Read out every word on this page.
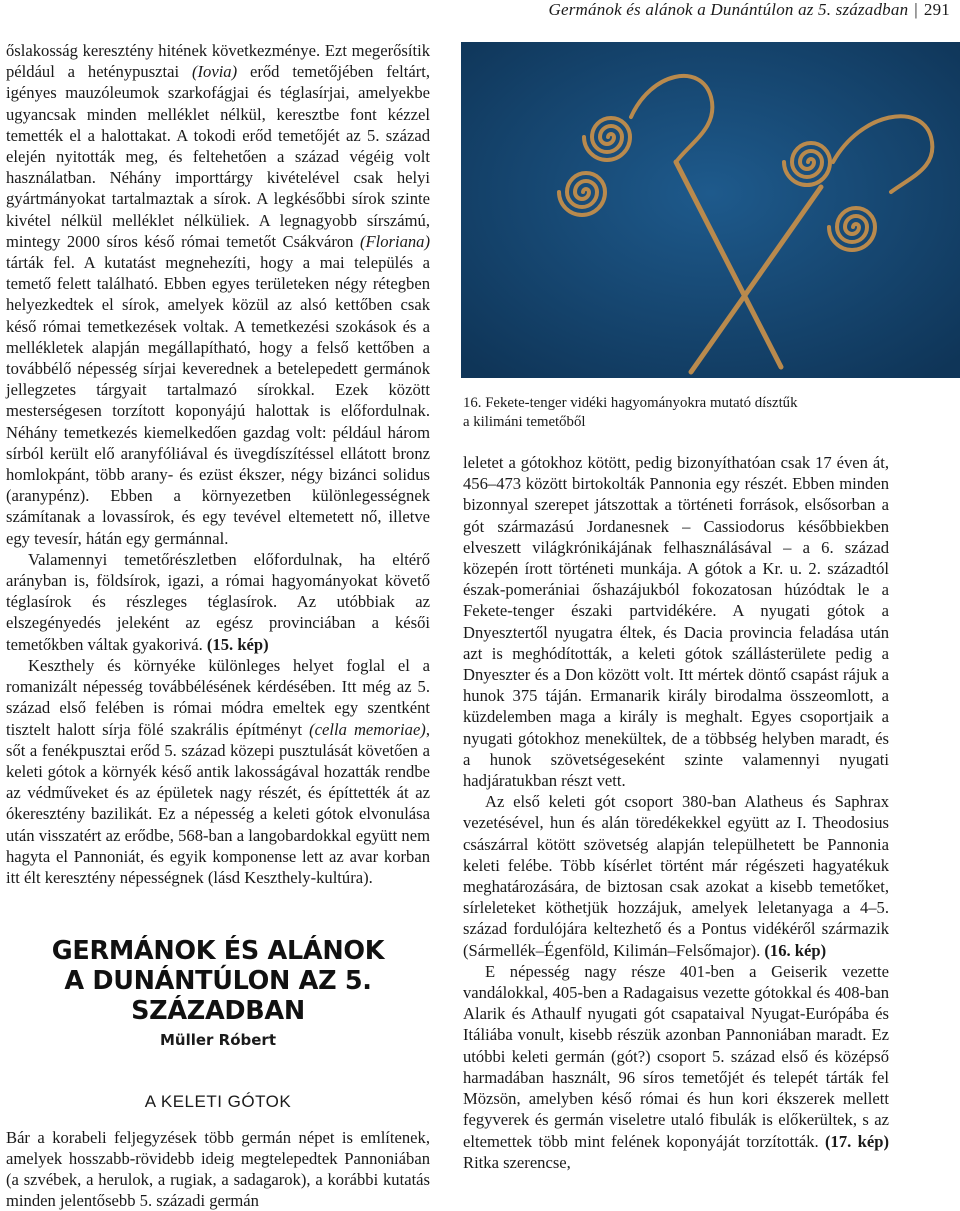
Germánok és alánok a Dunántúlon az 5. században | 291

őslakosság keresztény hitének következménye. Ezt megerősítik például a heténypusztai (Iovia) erőd temetőjében feltárt, igényes mauzóleumok szarkofágjai és téglasírjai, amelyekbe ugyancsak minden melléklet nélkül, keresztbe font kézzel temették el a halottakat. A tokodi erőd temetőjét az 5. század elején nyitották meg, és feltehetően a század végéig volt használatban. Néhány importtárgy kivételével csak helyi gyártmányokat tartalmaztak a sírok. A legkésőbbi sírok szinte kivétel nélkül melléklet nélküliek. A legnagyobb sírszámú, mintegy 2000 síros késő római temetőt Csákváron (Floriana) tárták fel. A kutatást megnehezíti, hogy a mai település a temető felett található. Ebben egyes területeken négy rétegben helyezkedtek el sírok, amelyek közül az alsó kettőben csak késő római temetkezések voltak. A temetkezési szokások és a mellékletek alapján megállapítható, hogy a felső kettőben a továbbélő népesség sírjai keverednek a betelepedett germánok jellegzetes tárgyait tartalmazó sírokkal. Ezek között mesterségesen torzított koponyájú halottak is előfordulnak. Néhány temetkezés kiemelkedően gazdag volt: például három sírból került elő aranyfóliával és üvegdíszítéssel ellátott bronz homlokpánt, több arany- és ezüst ékszer, négy bizánci solidus (aranypénz). Ebben a környezetben különlegességnek számítanak a lovassírok, és egy tevével eltemetett nő, illetve egy tevesír, hátán egy germánnal.

Valamennyi temetőrészletben előfordulnak, ha eltérő arányban is, földsírok, igazi, a római hagyományokat követő téglasírok és részleges téglasírok. Az utóbbiak az elszegényedés jeleként az egész provinciában a késői temetőkben váltak gyakorivá. (15. kép)

Keszthely és környéke különleges helyet foglal el a romanizált népesség továbbélésének kérdésében. Itt még az 5. század első felében is római módra emeltek egy szentként tisztelt halott sírja fölé szakrális építményt (cella memoriae), sőt a fenékpusztai erőd 5. század közepi pusztulását követően a keleti gótok a környék késő antik lakosságával hozatták rendbe az védműveket és az épületek nagy részét, és építtették át az ókeresztény bazilikát. Ez a népesség a keleti gótok elvonulása után visszatért az erődbe, 568-ban a langobardokkal együtt nem hagyta el Pannoniát, és egyik komponense lett az avar korban itt élt keresztény népességnek (lásd Keszthely-kultúra).

GERMÁNOK ÉS ALÁNOK
A DUNÁNTÚLON AZ 5. SZÁZADBAN
Müller Róbert
A KELETI GÓTOK

Bár a korabeli feljegyzések több germán népet is említenek, amelyek hosszabb-rövidebb ideig megtelepedtek Pannoniában (a szvébek, a herulok, a rugiak, a sadagarok), a korábbi kutatás minden jelentősebb 5. századi germán

16. Fekete-tenger vidéki hagyományokra mutató dísztűk
a kilimáni temetőből

leletet a gótokhoz kötött, pedig bizonyíthatóan csak 17 éven át, 456–473 között birtokolták Pannonia egy részét. Ebben minden bizonnyal szerepet játszottak a történeti források, elsősorban a gót származású Jordanesnek – Cassiodorus későbbiekben elveszett világkrónikájának felhasználásával – a 6. század közepén írott történeti munkája. A gótok a Kr. u. 2. századtól észak-pomerániai őshazájukból fokozatosan húzódtak le a Fekete-tenger északi partvidékére. A nyugati gótok a Dnyesztertől nyugatra éltek, és Dacia provincia feladása után azt is meghódították, a keleti gótok szállásterülete pedig a Dnyeszter és a Don között volt. Itt mértek döntő csapást rájuk a hunok 375 táján. Ermanarik király birodalma összeomlott, a küzdelemben maga a király is meghalt. Egyes csoportjaik a nyugati gótokhoz menekültek, de a többség helyben maradt, és a hunok szövetségeseként szinte valamennyi nyugati hadjáratukban részt vett.

Az első keleti gót csoport 380-ban Alatheus és Saphrax vezetésével, hun és alán töredékekkel együtt az I. Theodosius császárral kötött szövetség alapján települhetett be Pannonia keleti felébe. Több kísérlet történt már régészeti hagyatékuk meghatározására, de biztosan csak azokat a kisebb temetőket, sírleleteket köthetjük hozzájuk, amelyek leletanyaga a 4–5. század fordulójára keltezhető és a Pontus vidékéről származik (Sármellék–Égenföld, Kilimán–Felsőmajor). (16. kép)

E népesség nagy része 401-ben a Geiserik vezette vandálokkal, 405-ben a Radagaisus vezette gótokkal és 408-ban Alarik és Athaulf nyugati gót csapataival Nyugat-Európába és Itáliába vonult, kisebb részük azonban Pannoniában maradt. Ez utóbbi keleti germán (gót?) csoport 5. század első és középső harmadában használt, 96 síros temetőjét és telepét tárták fel Mözsön, amelyben késő római és hun kori ékszerek mellett fegyverek és germán viseletre utaló fibulák is előkerültek, s az eltemettek több mint felének koponyáját torzították. (17. kép) Ritka szerencse,
